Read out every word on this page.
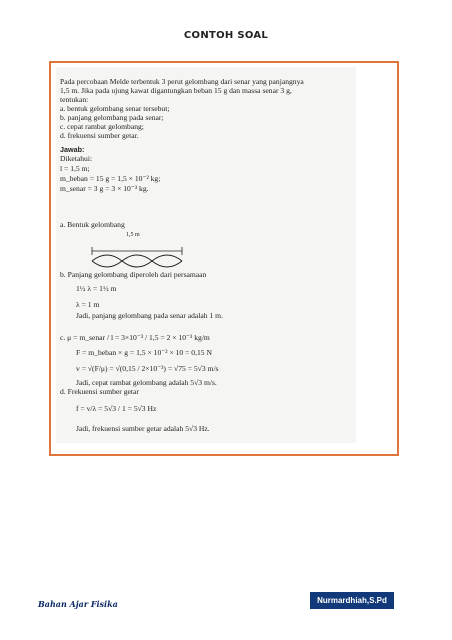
CONTOH SOAL
Pada percobaan Melde terbentuk 3 perut gelombang dari senar yang panjangnya
1,5 m. Jika pada ujung kawat digantungkan beban 15 g dan massa senar 3 g,
tentukan:
a. bentuk gelombang senar tersebut;
b. panjang gelombang pada senar;
c. cepat rambat gelombang;
d. frekuensi sumber getar.
Jawab:
Diketahui:
l = 1,5 m;
m_beban = 15 g = 1,5 × 10⁻² kg;
m_senar = 3 g = 3 × 10⁻³ kg.
a. Bentuk gelombang
1,5 m
b. Panjang gelombang diperoleh dari persamaan
1½ λ = 1½ m
λ = 1 m
Jadi, panjang gelombang pada senar adalah 1 m.
c. μ = m_senar / l = 3×10⁻³ / 1,5 = 2 × 10⁻³ kg/m
F = m_beban × g = 1,5 × 10⁻² × 10 = 0,15 N
v = √(F/μ) = √(0,15 / 2×10⁻³) = √75 = 5√3 m/s
Jadi, cepat rambat gelombang adalah 5√3 m/s.
d. Frekuensi sumber getar
f = v/λ = 5√3 / 1 = 5√3 Hz
Jadi, frekuensi sumber getar adalah 5√3 Hz.
Bahan Ajar Fisika	Nurmardhiah,S.Pd
